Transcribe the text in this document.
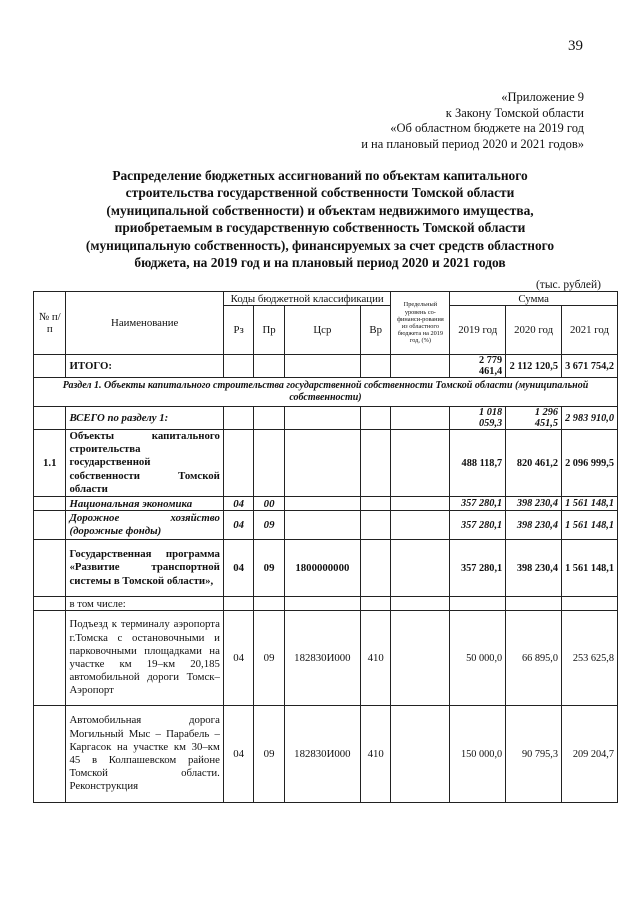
39
«Приложение 9
к Закону Томской области
«Об областном бюджете на 2019 год
и на плановый период 2020 и 2021 годов»
Распределение бюджетных ассигнований по объектам капитального
строительства государственной собственности Томской области
(муниципальной собственности) и объектам недвижимого имущества,
приобретаемым в государственную собственность Томской области
(муниципальную собственность), финансируемых за счет средств областного
бюджета, на 2019 год и на плановый период 2020 и 2021 годов
(тыс. рублей)
№ п/п	Наименование	Коды бюджетной классификации				Предельный уровень со-финанси-рования из областного бюджета на 2019 год, (%)	Сумма		
		Рз	Пр	Цср	Вр		2019 год	2020 год	2021 год
	ИТОГО:						2 779 461,4	2 112 120,5	3 671 754,2
Раздел 1. Объекты капитального строительства государственной собственности Томской области (муниципальной собственности)									
	ВСЕГО по разделу 1:						1 018 059,3	1 296 451,5	2 983 910,0
1.1	Объекты капитального строительства государственной собственности Томской области						488 118,7	820 461,2	2 096 999,5
	Национальная экономика	04	00				357 280,1	398 230,4	1 561 148,1
	Дорожное хозяйство (дорожные фонды)	04	09				357 280,1	398 230,4	1 561 148,1
	Государственная программа «Развитие транспортной системы в Томской области»,	04	09	1800000000			357 280,1	398 230,4	1 561 148,1
	в том числе:								
	Подъезд к терминалу аэропорта г.Томска с остановочными и парковочными площадками на участке км 19–км 20,185 автомобильной дороги Томск–Аэропорт	04	09	182830И000	410		50 000,0	66 895,0	253 625,8
	Автомобильная дорога Могильный Мыс – Парабель – Каргасок на участке км 30–км 45 в Колпашевском районе Томской области. Реконструкция	04	09	182830И000	410		150 000,0	90 795,3	209 204,7
